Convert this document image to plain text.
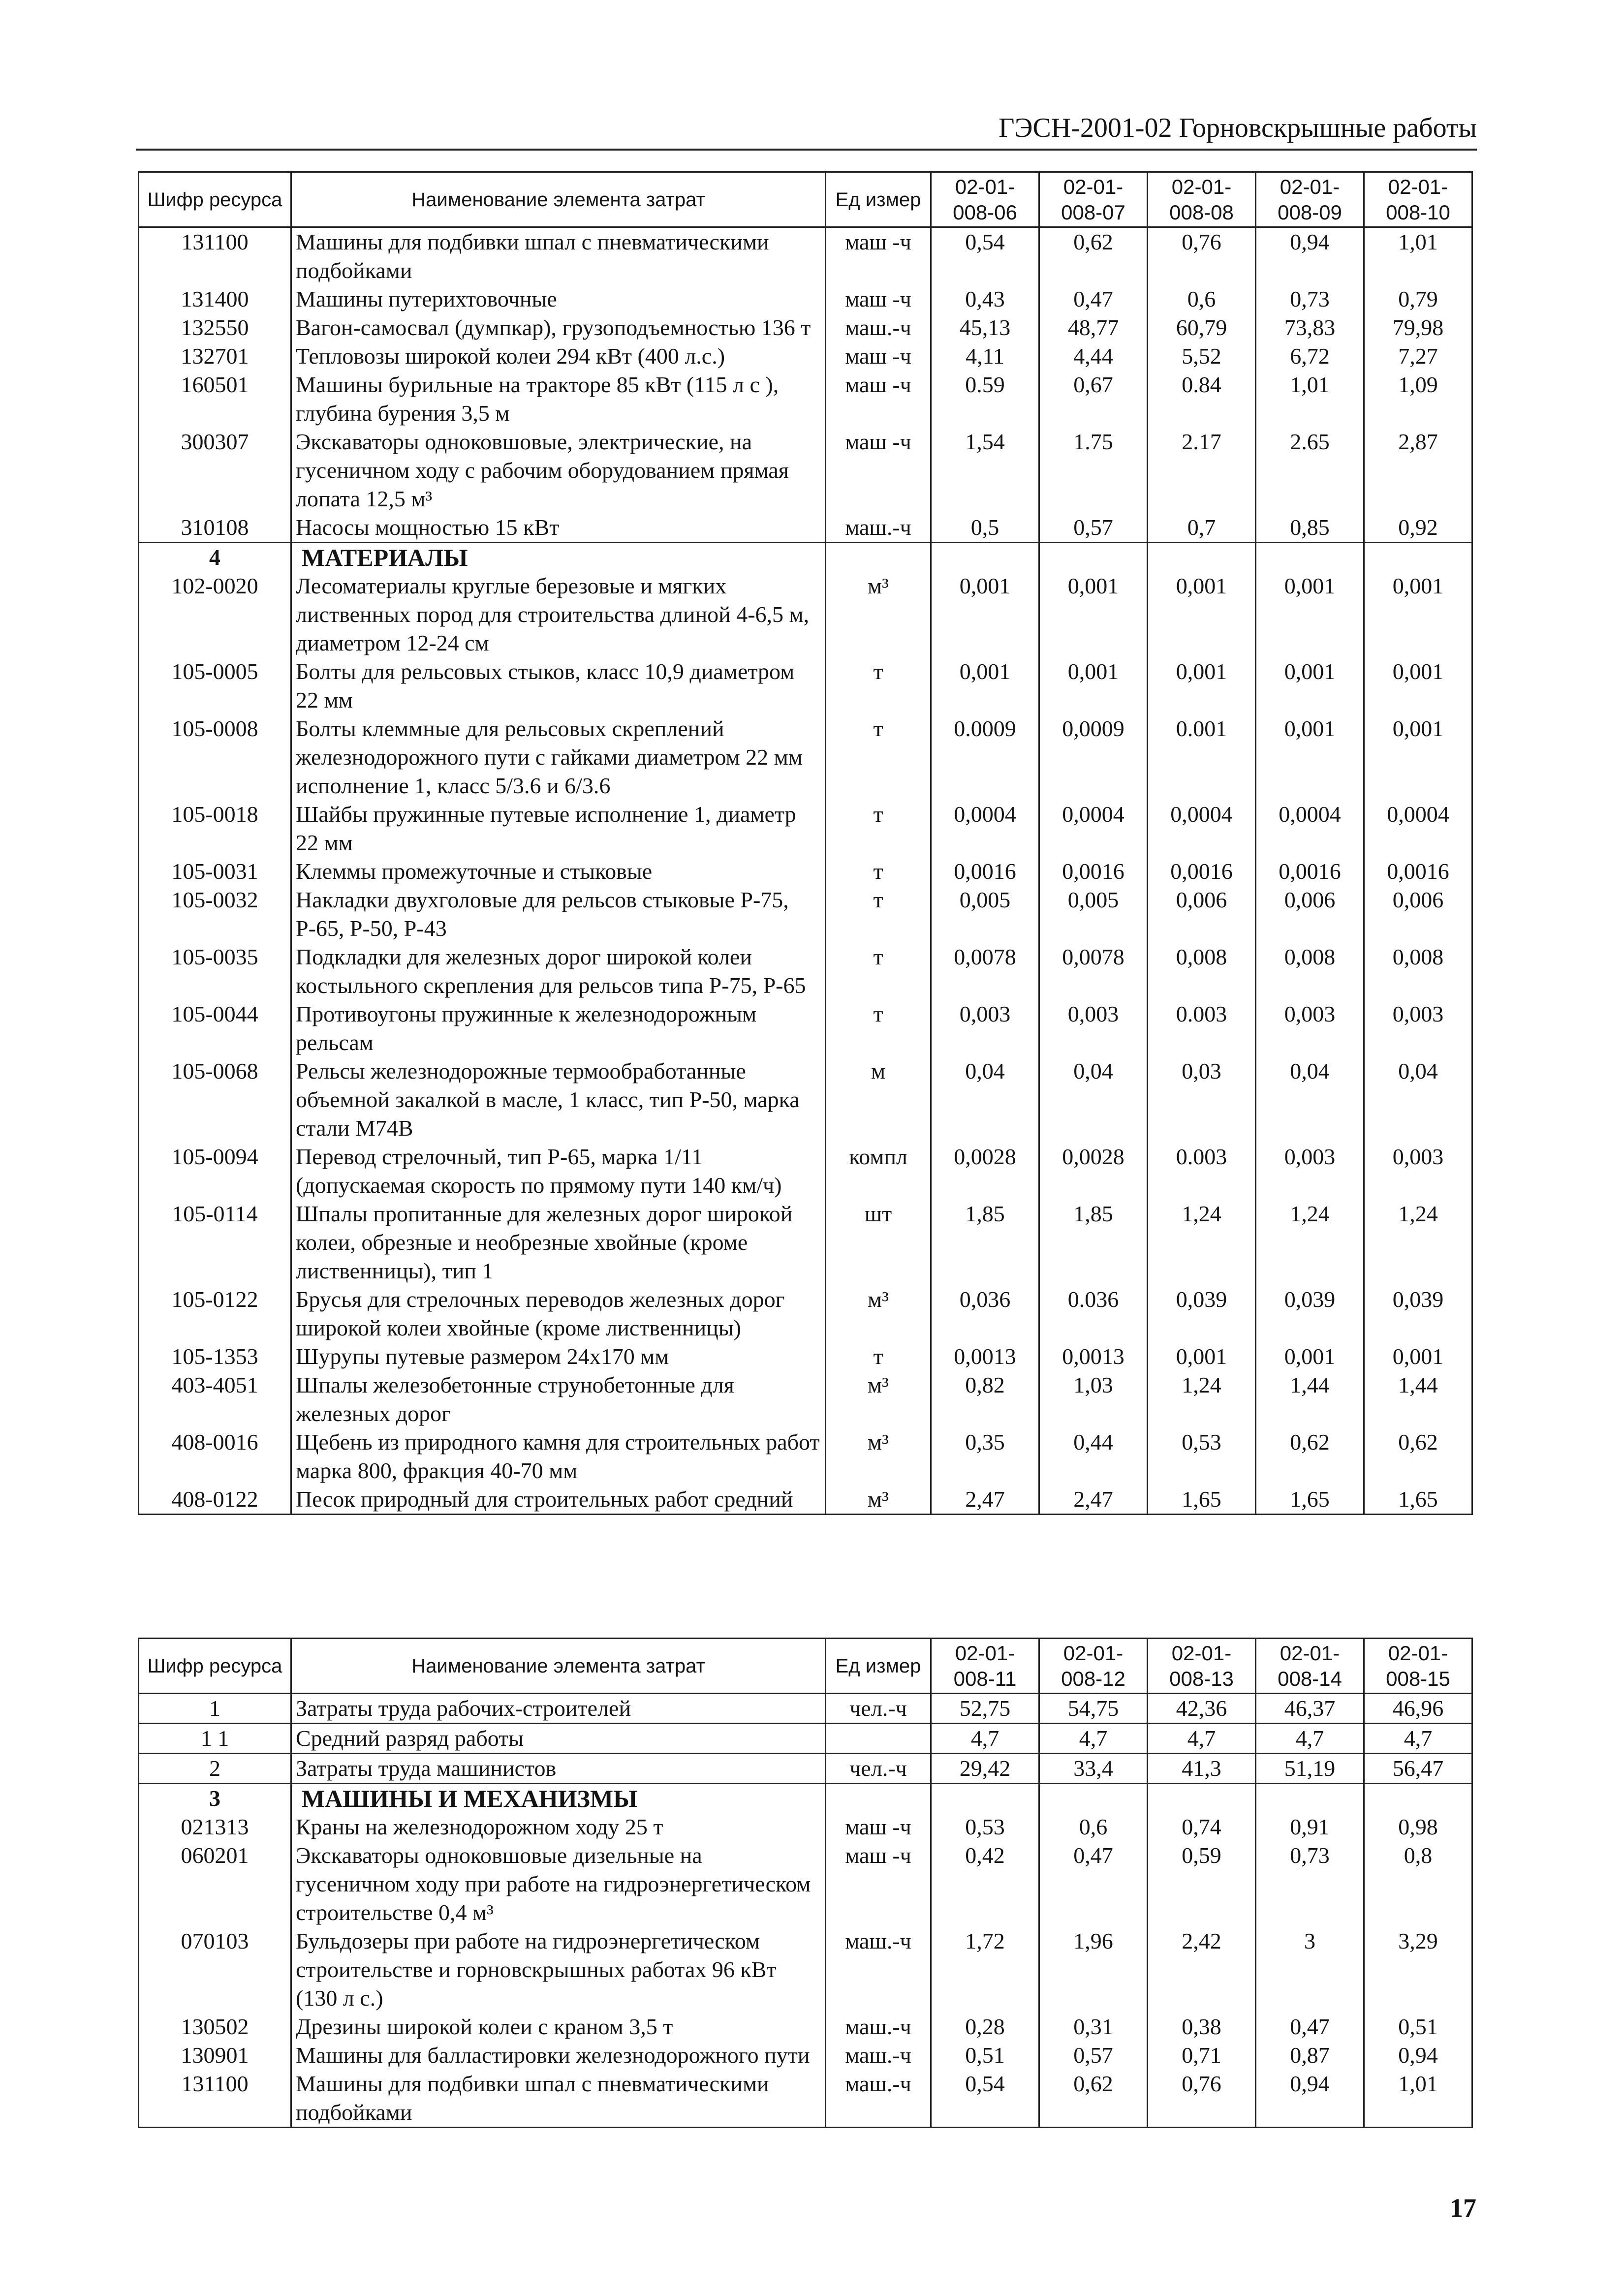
ГЭСН-2001-02 Горновскрышные работы
Шифр ресурса	Наименование элемента затрат	Ед измер	02-01-008-06	02-01-008-07	02-01-008-08	02-01-008-09	02-01-008-10
131100	Машины для подбивки шпал с пневматическими подбойками	маш -ч	0,54	0,62	0,76	0,94	1,01
131400	Машины путерихтовочные	маш -ч	0,43	0,47	0,6	0,73	0,79
132550	Вагон-самосвал (думпкар), грузоподъемностью 136 т	маш.-ч	45,13	48,77	60,79	73,83	79,98
132701	Тепловозы широкой колеи 294 кВт (400 л.с.)	маш -ч	4,11	4,44	5,52	6,72	7,27
160501	Машины бурильные на тракторе 85 кВт (115 л с ), глубина бурения 3,5 м	маш -ч	0.59	0,67	0.84	1,01	1,09
300307	Экскаваторы одноковшовые, электрические, на гусеничном ходу с рабочим оборудованием прямая лопата 12,5 м³	маш -ч	1,54	1.75	2.17	2.65	2,87
310108	Насосы мощностью 15 кВт	маш.-ч	0,5	0,57	0,7	0,85	0,92
4	МАТЕРИАЛЫ						
102-0020	Лесоматериалы круглые березовые и мягких лиственных пород для строительства длиной 4-6,5 м, диаметром 12-24 см	м³	0,001	0,001	0,001	0,001	0,001
105-0005	Болты для рельсовых стыков, класс 10,9 диаметром 22 мм	т	0,001	0,001	0,001	0,001	0,001
105-0008	Болты клеммные для рельсовых скреплений железнодорожного пути с гайками диаметром 22 мм исполнение 1, класс 5/3.6 и 6/3.6	т	0.0009	0,0009	0.001	0,001	0,001
105-0018	Шайбы пружинные путевые исполнение 1, диаметр 22 мм	т	0,0004	0,0004	0,0004	0,0004	0,0004
105-0031	Клеммы промежуточные и стыковые	т	0,0016	0,0016	0,0016	0,0016	0,0016
105-0032	Накладки двухголовые для рельсов стыковые Р-75, Р-65, Р-50, Р-43	т	0,005	0,005	0,006	0,006	0,006
105-0035	Подкладки для железных дорог широкой колеи костыльного скрепления для рельсов типа Р-75, Р-65	т	0,0078	0,0078	0,008	0,008	0,008
105-0044	Противоугоны пружинные к железнодорожным рельсам	т	0,003	0,003	0.003	0,003	0,003
105-0068	Рельсы железнодорожные термообработанные объемной закалкой в масле, 1 класс, тип Р-50, марка стали М74В	м	0,04	0,04	0,03	0,04	0,04
105-0094	Перевод стрелочный, тип Р-65, марка 1/11 (допускаемая скорость по прямому пути 140 км/ч)	компл	0,0028	0,0028	0.003	0,003	0,003
105-0114	Шпалы пропитанные для железных дорог широкой колеи, обрезные и необрезные хвойные (кроме лиственницы), тип 1	шт	1,85	1,85	1,24	1,24	1,24
105-0122	Брусья для стрелочных переводов железных дорог широкой колеи хвойные (кроме лиственницы)	м³	0,036	0.036	0,039	0,039	0,039
105-1353	Шурупы путевые размером 24х170 мм	т	0,0013	0,0013	0,001	0,001	0,001
403-4051	Шпалы железобетонные струнобетонные для железных дорог	м³	0,82	1,03	1,24	1,44	1,44
408-0016	Щебень из природного камня для строительных работ марка 800, фракция 40-70 мм	м³	0,35	0,44	0,53	0,62	0,62
408-0122	Песок природный для строительных работ средний	м³	2,47	2,47	1,65	1,65	1,65
Шифр ресурса	Наименование элемента затрат	Ед измер	02-01-008-11	02-01-008-12	02-01-008-13	02-01-008-14	02-01-008-15
1	Затраты труда рабочих-строителей	чел.-ч	52,75	54,75	42,36	46,37	46,96
1 1	Средний разряд работы		4,7	4,7	4,7	4,7	4,7
2	Затраты труда машинистов	чел.-ч	29,42	33,4	41,3	51,19	56,47
3	МАШИНЫ И МЕХАНИЗМЫ						
021313	Краны на железнодорожном ходу 25 т	маш -ч	0,53	0,6	0,74	0,91	0,98
060201	Экскаваторы одноковшовые дизельные на гусеничном ходу при работе на гидроэнергетическом строительстве 0,4 м³	маш -ч	0,42	0,47	0,59	0,73	0,8
070103	Бульдозеры при работе на гидроэнергетическом строительстве и горновскрышных работах 96 кВт (130 л с.)	маш.-ч	1,72	1,96	2,42	3	3,29
130502	Дрезины широкой колеи с краном 3,5 т	маш.-ч	0,28	0,31	0,38	0,47	0,51
130901	Машины для балластировки железнодорожного пути	маш.-ч	0,51	0,57	0,71	0,87	0,94
131100	Машины для подбивки шпал с пневматическими подбойками	маш.-ч	0,54	0,62	0,76	0,94	1,01
17
